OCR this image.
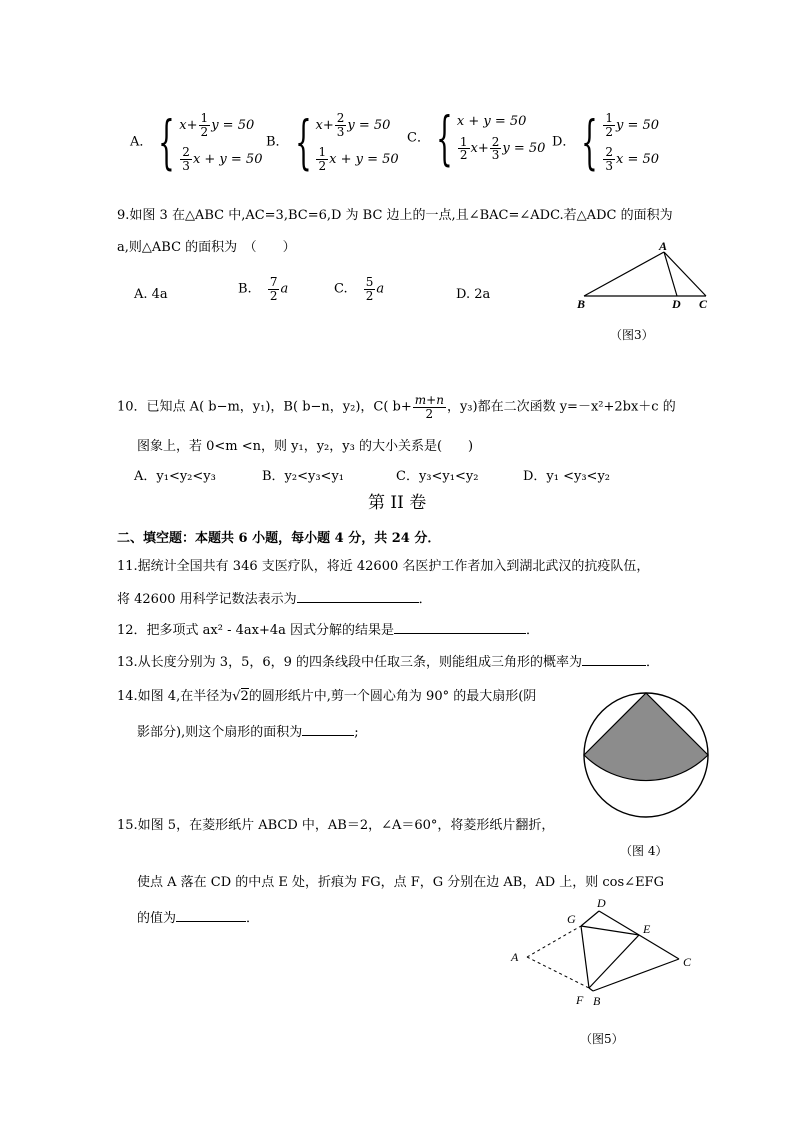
A． { $x + \frac{1}{2}$ y = 50
$\frac{2}{3}$ x + y = 50
B． { $x + \frac{2}{3}$ y = 50
$\frac{1}{2}$ x + y = 50
C． { x + y = 50
$\frac{1}{2}$ $x + \frac{2}{3}$ y = 50 D． { $\frac{1}{2}$ y = 50
$\frac{2}{3}$ x = 50
9.如图 3 在△ABC 中,AC=3,BC=6,D 为 BC 边上的一点,且∠BAC=∠ADC.若△ADC 的面积为
a,则△ABC 的面积为　（　　）
A. 4a	B. $\frac{7}{2}$ a	C. $\frac{5}{2}$ a	D. 2a
A
B	D C
（图3）
10．已知点 A( b−m，y₁)，B( b−n，y₂)，C( $b+ \frac{m+n}{2}$ ，y₃)都在二次函数 y=－x²+2bx＋c 的
图象上，若 0<m <n，则 y₁，y₂，y₃ 的大小关系是(　　)
A．y₁<y₂<y₃	B．y₂<y₃<y₁	C．y₃<y₁<y₂	D．y₁ <y₃<y₂
第 II 卷
二、填空题：本题共 6 小题，每小题 4 分，共 24 分．
11.据统计全国共有 346 支医疗队，将近 42600 名医护工作者加入到湖北武汉的抗疫队伍，
将 42600 用科学记数法表示为	．
12．把多项式 ax² - 4ax+4a 因式分解的结果是	．
13.从长度分别为 3，5，6，9 的四条线段中任取三条，则能组成三角形的概率为	．
14.如图 4,在半径为√2的圆形纸片中,剪一个圆心角为 90° 的最大扇形(阴
影部分),则这个扇形的面积为	;
（图 4）
15.如图 5，在菱形纸片 ABCD 中，AB＝2，∠A＝60°，将菱形纸片翻折，
使点 A 落在 CD 的中点 E 处，折痕为 FG，点 F，G 分别在边 AB，AD 上，则 cos∠EFG
的值为	．
A
G
D
E
C
F B
（图5）
